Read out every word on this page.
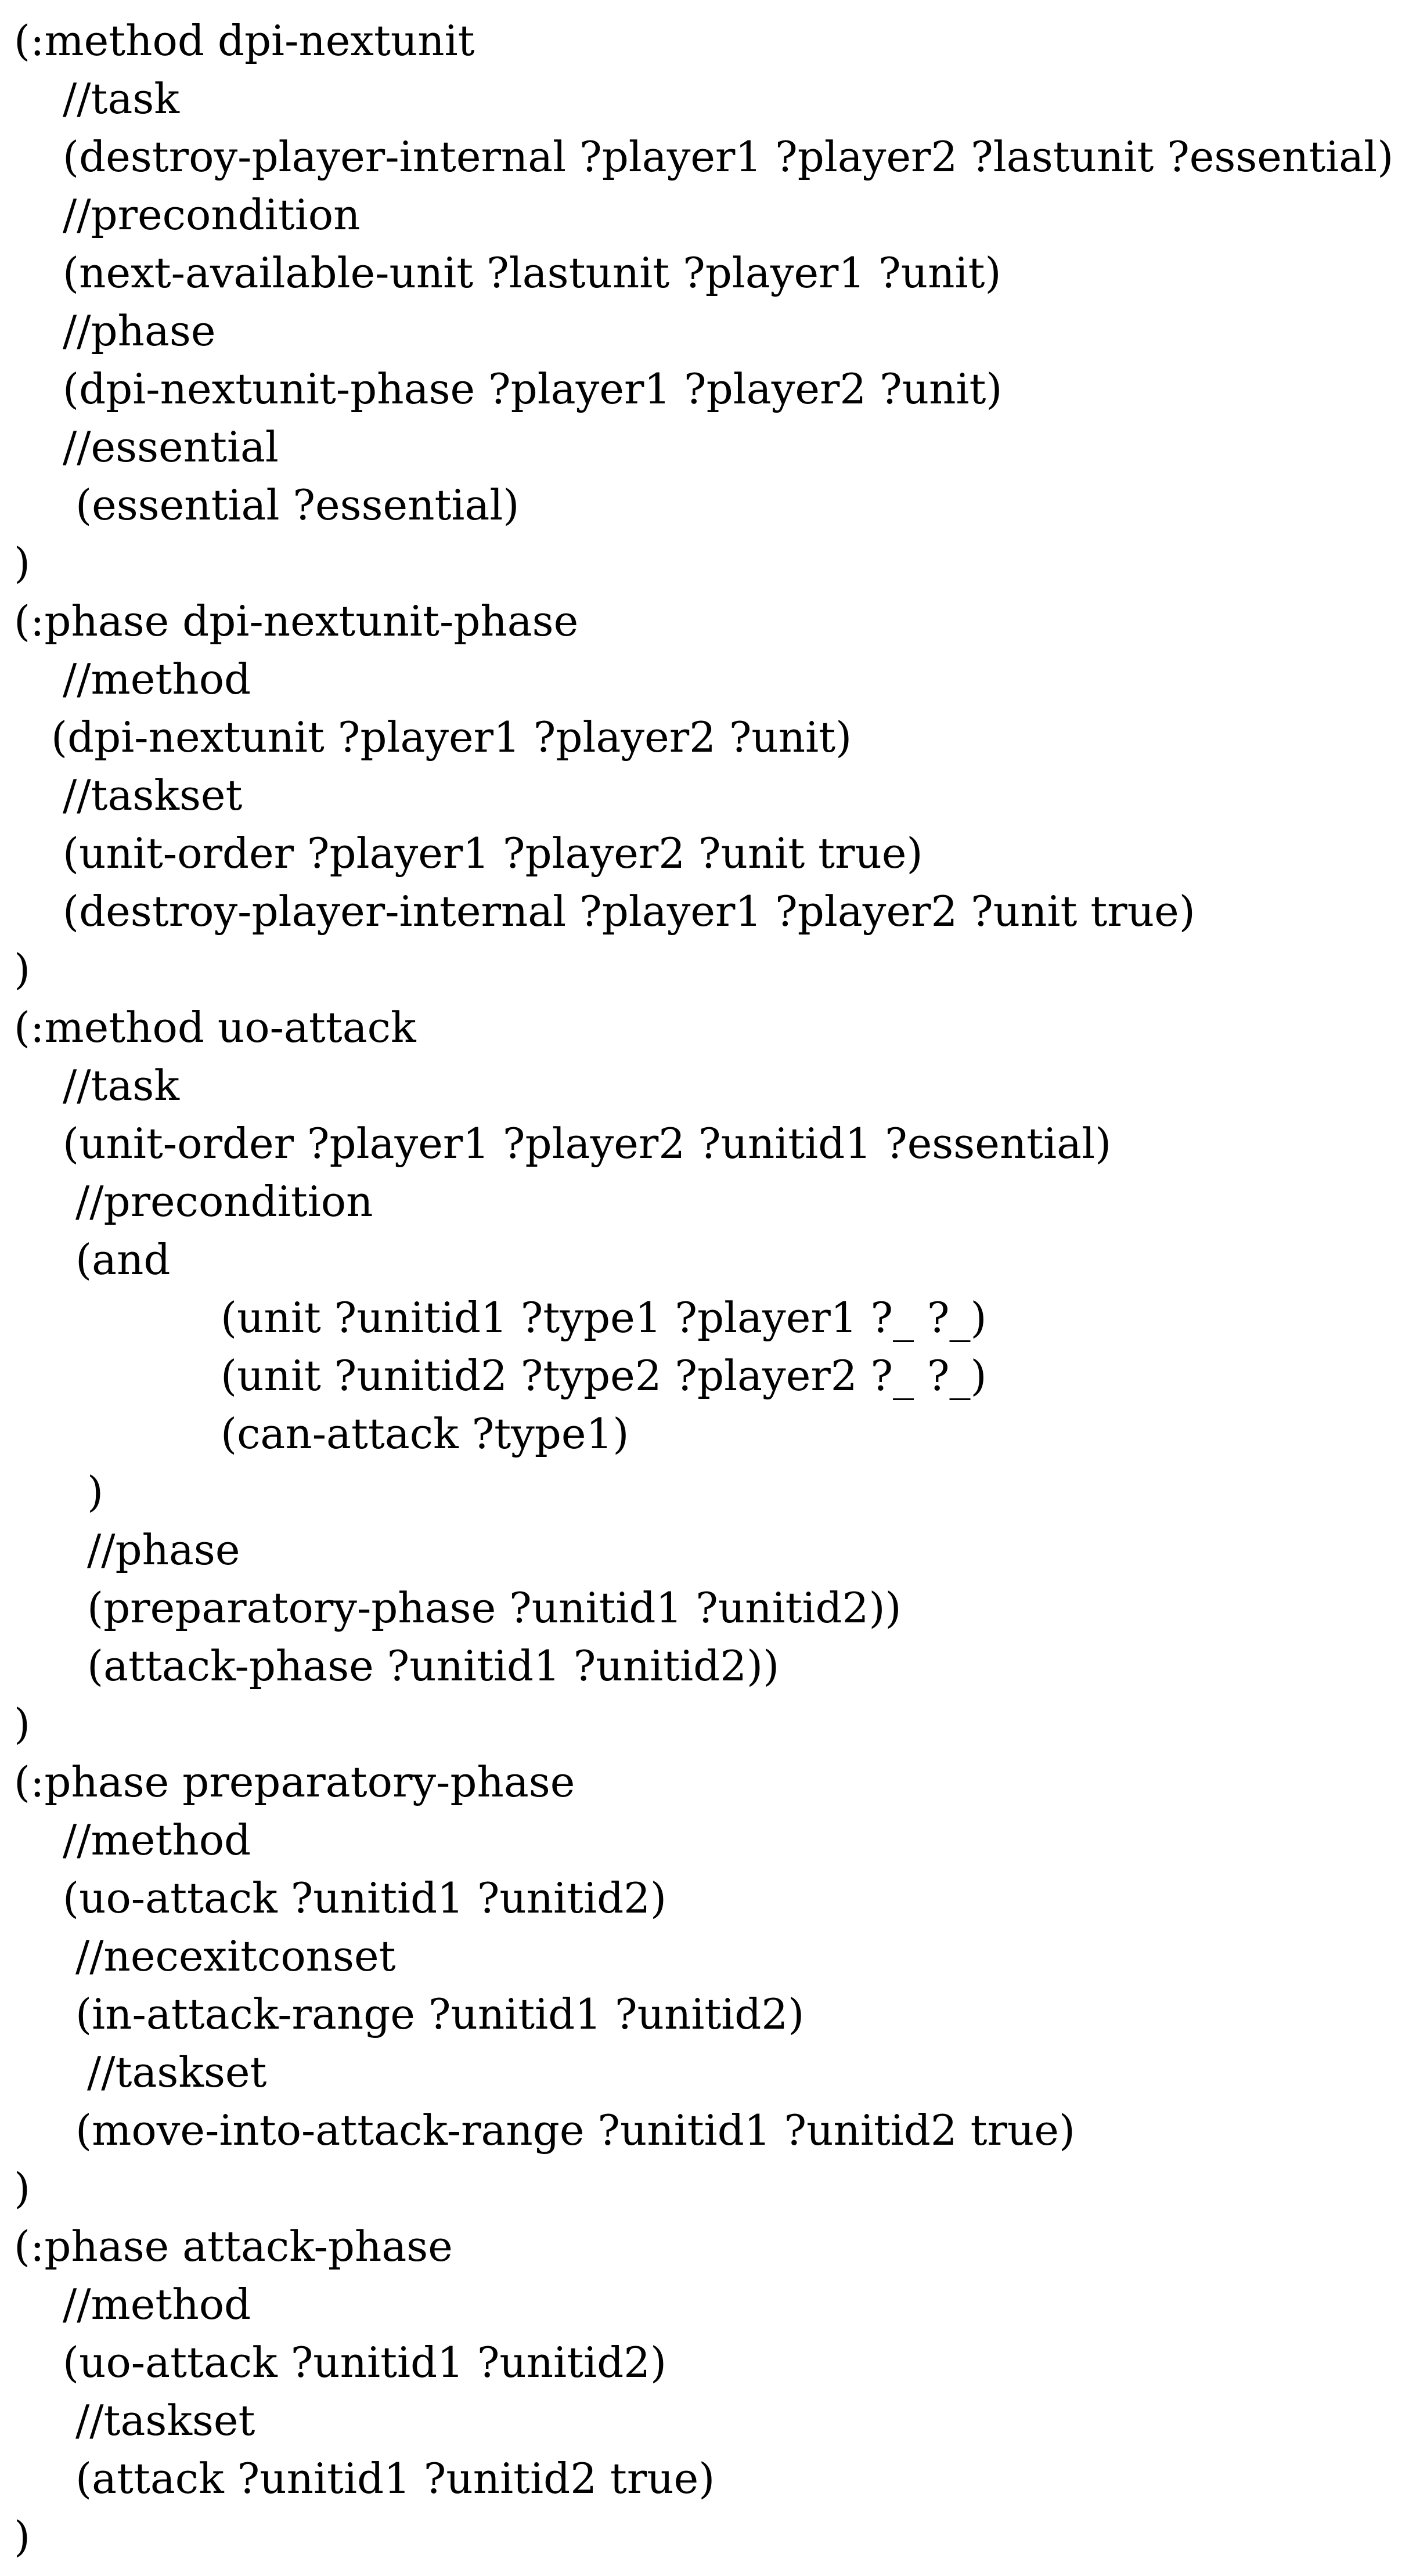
(:method dpi-nextunit
//task
(destroy-player-internal ?player1 ?player2 ?lastunit ?essential)
//precondition
(next-available-unit ?lastunit ?player1 ?unit)
//phase
(dpi-nextunit-phase ?player1 ?player2 ?unit)
//essential
(essential ?essential)
)
(:phase dpi-nextunit-phase
//method
(dpi-nextunit ?player1 ?player2 ?unit)
//taskset
(unit-order ?player1 ?player2 ?unit true)
(destroy-player-internal ?player1 ?player2 ?unit true)
)
(:method uo-attack
//task
(unit-order ?player1 ?player2 ?unitid1 ?essential)
//precondition
(and
(unit ?unitid1 ?type1 ?player1 ?_ ?_)
(unit ?unitid2 ?type2 ?player2 ?_ ?_)
(can-attack ?type1)
)
//phase
(preparatory-phase ?unitid1 ?unitid2))
(attack-phase ?unitid1 ?unitid2))
)
(:phase preparatory-phase
//method
(uo-attack ?unitid1 ?unitid2)
//necexitconset
(in-attack-range ?unitid1 ?unitid2)
//taskset
(move-into-attack-range ?unitid1 ?unitid2 true)
)
(:phase attack-phase
//method
(uo-attack ?unitid1 ?unitid2)
//taskset
(attack ?unitid1 ?unitid2 true)
)
